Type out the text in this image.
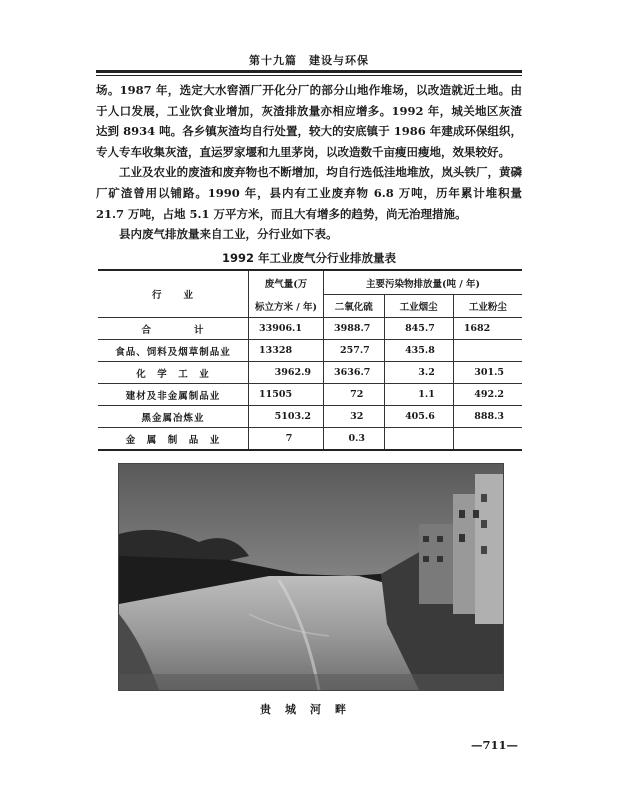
第十九篇　建设与环保

场。1987 年，选定大水窖酒厂开化分厂的部分山地作堆场，以改造就近土地。由于人口发展，工业饮食业增加，灰渣排放量亦相应增多。1992 年，城关地区灰渣达到 8934 吨。各乡镇灰渣均自行处置，较大的安底镇于 1986 年建成环保组织，专人专车收集灰渣，直运罗家堰和九里茅岗，以改造数千亩瘦田瘦地，效果较好。

工业及农业的废渣和废弃物也不断增加，均自行选低洼地堆放，岚头铁厂，黄磷厂矿渣曾用以铺路。1990 年，县内有工业废弃物 6.8 万吨，历年累计堆积量 21.7 万吨，占地 5.1 万平方米，而且大有增多的趋势，尚无治理措施。

县内废气排放量来自工业，分行业如下表。

1992 年工业废气分行业排放量表
行　　业	废气量(万	主要污染物排放量(吨 / 年)		
	标立方米 / 年)	二氧化硫	工业烟尘	工业粉尘
合　　　　计	33906.1	3988.7	845.7	1682
食品、饲料及烟草制品业	13328	257.7	435.8	
化　学　工　业	3962.9	3636.7	3.2	301.5
建材及非金属制品业	11505	72	1.1	492.2
黑金属冶炼业	5103.2	32	405.6	888.3
金　属　制　品　业	7	0.3		
贵城河畔
—711—
